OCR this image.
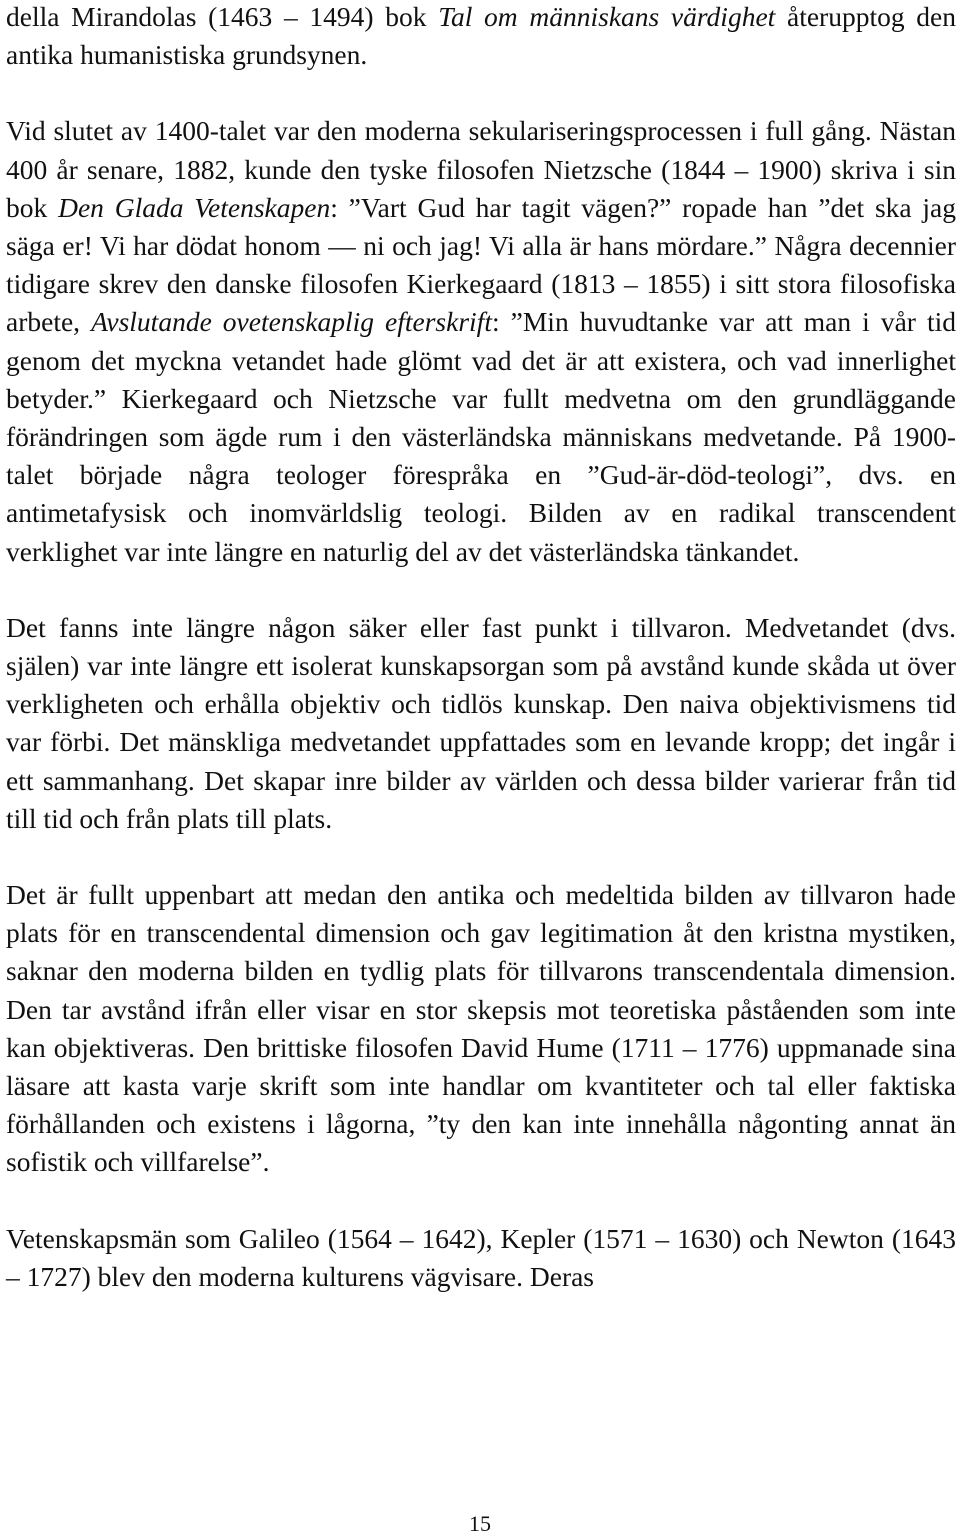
della Mirandolas (1463 – 1494) bok Tal om människans värdighet återupptog den antika humanistiska grundsynen.

Vid slutet av 1400-talet var den moderna sekulariseringsprocessen i full gång. Nästan 400 år senare, 1882, kunde den tyske filosofen Nietzsche (1844 – 1900) skriva i sin bok Den Glada Vetenskapen: ”Vart Gud har tagit vägen?” ropade han ”det ska jag säga er! Vi har dödat honom — ni och jag! Vi alla är hans mördare.” Några decennier tidigare skrev den danske filosofen Kierkegaard (1813 – 1855) i sitt stora filosofiska arbete, Avslutande ovetenskaplig efterskrift: ”Min huvudtanke var att man i vår tid genom det myckna vetandet hade glömt vad det är att existera, och vad innerlighet betyder.” Kierkegaard och Nietzsche var fullt medvetna om den grundläggande förändringen som ägde rum i den västerländska människans medvetande. På 1900-talet började några teologer förespråka en ”Gud-är-död-teologi”, dvs. en antimetafysisk och inomvärldslig teologi. Bilden av en radikal transcendent verklighet var inte längre en naturlig del av det västerländska tänkandet.

Det fanns inte längre någon säker eller fast punkt i tillvaron. Medvetandet (dvs. själen) var inte längre ett isolerat kunskapsorgan som på avstånd kunde skåda ut över verkligheten och erhålla objektiv och tidlös kunskap. Den naiva objektivismens tid var förbi. Det mänskliga medvetandet uppfattades som en levande kropp; det ingår i ett sammanhang. Det skapar inre bilder av världen och dessa bilder varierar från tid till tid och från plats till plats.

Det är fullt uppenbart att medan den antika och medeltida bilden av tillvaron hade plats för en transcendental dimension och gav legitimation åt den kristna mystiken, saknar den moderna bilden en tydlig plats för tillvarons transcendentala dimension. Den tar avstånd ifrån eller visar en stor skepsis mot teoretiska påståenden som inte kan objektiveras. Den brittiske filosofen David Hume (1711 – 1776) uppmanade sina läsare att kasta varje skrift som inte handlar om kvantiteter och tal eller faktiska förhållanden och existens i lågorna, ”ty den kan inte innehålla någonting annat än sofistik och villfarelse”.

Vetenskapsmän som Galileo (1564 – 1642), Kepler (1571 – 1630) och Newton (1643 – 1727) blev den moderna kulturens vägvisare. Deras

15
